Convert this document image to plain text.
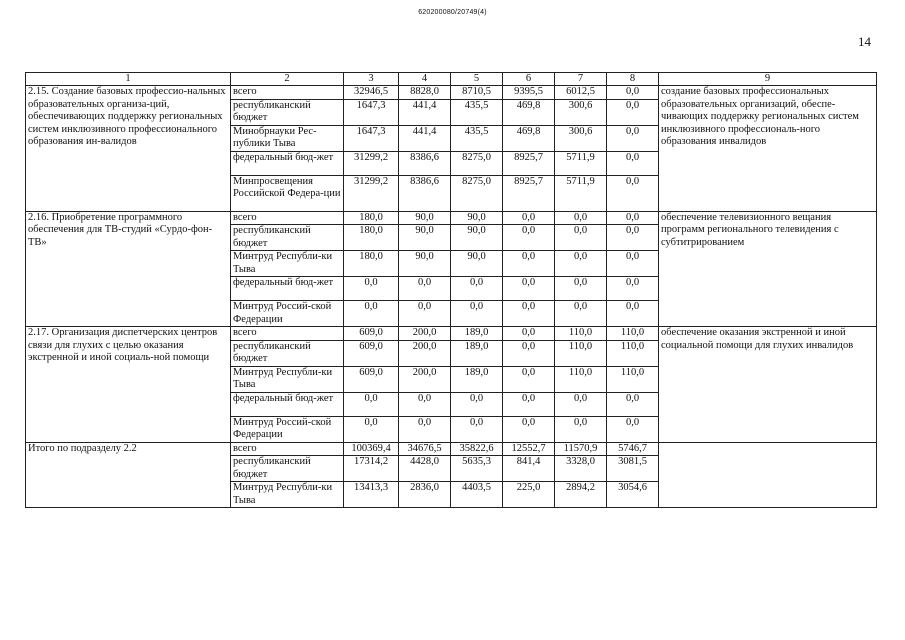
620200080/20749(4)
14
1	2	3	4	5	6	7	8	9
2.15. Создание базовых профессио-нальных образовательных организа-ций, обеспечивающих поддержку региональных систем инклюзивного профессионального образования ин-валидов	всего	32946,5	8828,0	8710,5	9395,5	6012,5	0,0	создание базовых профессиональных образовательных организаций, обеспе-чивающих поддержку региональных систем инклюзивного профессиональ-ного образования инвалидов
	республиканский бюджет	1647,3	441,4	435,5	469,8	300,6	0,0	
	Минобрнауки Рес-публики Тыва	1647,3	441,4	435,5	469,8	300,6	0,0	
	федеральный бюд-жет	31299,2	8386,6	8275,0	8925,7	5711,9	0,0	
	Минпросвещения Российской Федера-ции	31299,2	8386,6	8275,0	8925,7	5711,9	0,0	
2.16. Приобретение программного обеспечения для ТВ-студий «Сурдо-фон-ТВ»	всего	180,0	90,0	90,0	0,0	0,0	0,0	обеспечение телевизионного вещания программ регионального телевидения с субтитрированием
	республиканский бюджет	180,0	90,0	90,0	0,0	0,0	0,0	
	Минтруд Республи-ки Тыва	180,0	90,0	90,0	0,0	0,0	0,0	
	федеральный бюд-жет	0,0	0,0	0,0	0,0	0,0	0,0	
	Минтруд Россий-ской Федерации	0,0	0,0	0,0	0,0	0,0	0,0	
2.17. Организация диспетчерских центров связи для глухих с целью оказания экстренной и иной социаль-ной помощи	всего	609,0	200,0	189,0	0,0	110,0	110,0	обеспечение оказания экстренной и иной социальной помощи для глухих инвалидов
	республиканский бюджет	609,0	200,0	189,0	0,0	110,0	110,0	
	Минтруд Республи-ки Тыва	609,0	200,0	189,0	0,0	110,0	110,0	
	федеральный бюд-жет	0,0	0,0	0,0	0,0	0,0	0,0	
	Минтруд Россий-ской Федерации	0,0	0,0	0,0	0,0	0,0	0,0	
Итого по подразделу 2.2	всего	100369,4	34676,5	35822,6	12552,7	11570,9	5746,7	
	республиканский бюджет	17314,2	4428,0	5635,3	841,4	3328,0	3081,5	
	Минтруд Республи-ки Тыва	13413,3	2836,0	4403,5	225,0	2894,2	3054,6	
